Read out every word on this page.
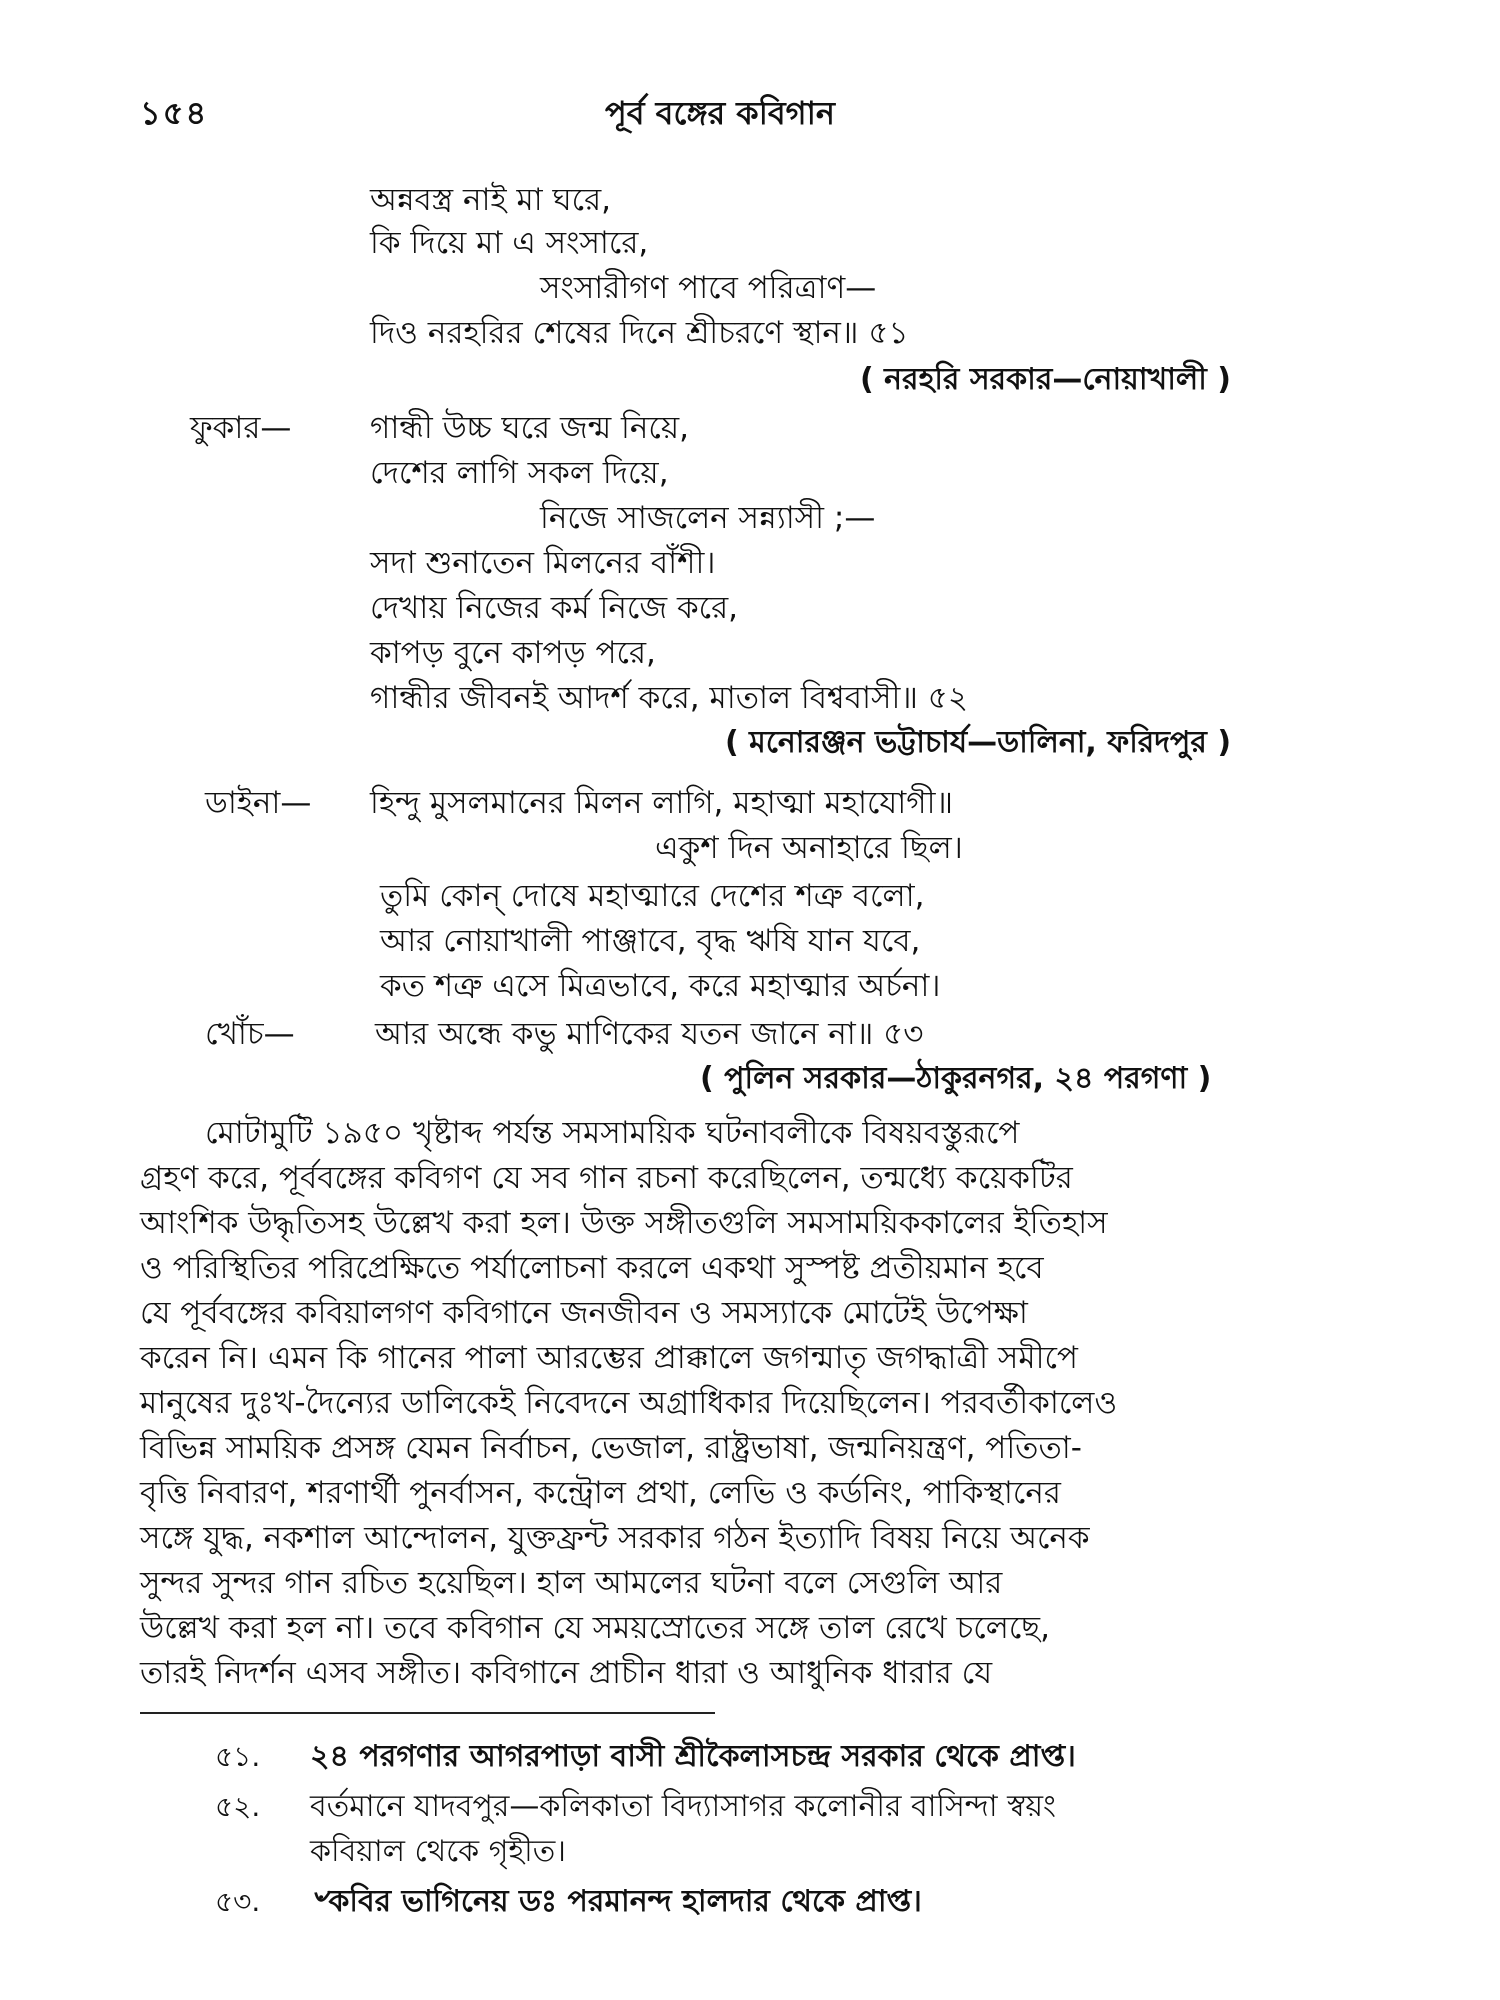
১৫৪	পূর্ব বঙ্গের কবিগান
অন্নবস্ত্র নাই মা ঘরে,
কি দিয়ে মা এ সংসারে,
সংসারীগণ পাবে পরিত্রাণ—
দিও নরহরির শেষের দিনে শ্রীচরণে স্থান॥ ৫১
( নরহরি সরকার—নোয়াখালী )
ফুকার—	গান্ধী উচ্চ ঘরে জন্ম নিয়ে,
দেশের লাগি সকল দিয়ে,
নিজে সাজলেন সন্ন্যাসী ;—
সদা শুনাতেন মিলনের বাঁশী।
দেখায় নিজের কর্ম নিজে করে,
কাপড় বুনে কাপড় পরে,
গান্ধীর জীবনই আদর্শ করে, মাতাল বিশ্ববাসী॥ ৫২
( মনোরঞ্জন ভট্টাচার্য—ডালিনা, ফরিদপুর )
ডাইনা— হিন্দু মুসলমানের মিলন লাগি, মহাত্মা মহাযোগী॥
একুশ দিন অনাহারে ছিল।
তুমি কোন্ দোষে মহাত্মারে দেশের শত্রু বলো,
আর নোয়াখালী পাঞ্জাবে, বৃদ্ধ ঋষি যান যবে,
কত শত্রু এসে মিত্রভাবে, করে মহাত্মার অর্চনা।
খোঁচ—	আর অন্ধে কভু মাণিকের যতন জানে না॥ ৫৩
( পুলিন সরকার—ঠাকুরনগর, ২৪ পরগণা )
মোটামুটি ১৯৫০ খৃষ্টাব্দ পর্যন্ত সমসাময়িক ঘটনাবলীকে বিষয়বস্তুরূপে
গ্রহণ করে, পূর্ববঙ্গের কবিগণ যে সব গান রচনা করেছিলেন, তন্মধ্যে কয়েকটির
আংশিক উদ্ধৃতিসহ উল্লেখ করা হল। উক্ত সঙ্গীতগুলি সমসাময়িককালের ইতিহাস
ও পরিস্থিতির পরিপ্রেক্ষিতে পর্যালোচনা করলে একথা সুস্পষ্ট প্রতীয়মান হবে
যে পূর্ববঙ্গের কবিয়ালগণ কবিগানে জনজীবন ও সমস্যাকে মোটেই উপেক্ষা
করেন নি। এমন কি গানের পালা আরম্ভের প্রাক্কালে জগন্মাতৃ জগদ্ধাত্রী সমীপে
মানুষের দুঃখ-দৈন্যের ডালিকেই নিবেদনে অগ্রাধিকার দিয়েছিলেন। পরবর্তীকালেও
বিভিন্ন সাময়িক প্রসঙ্গ যেমন নির্বাচন, ভেজাল, রাষ্ট্রভাষা, জন্মনিয়ন্ত্রণ, পতিতা-
বৃত্তি নিবারণ, শরণার্থী পুনর্বাসন, কন্ট্রোল প্রথা, লেভি ও কর্ডনিং, পাকিস্থানের
সঙ্গে যুদ্ধ, নকশাল আন্দোলন, যুক্তফ্রন্ট সরকার গঠন ইত্যাদি বিষয় নিয়ে অনেক
সুন্দর সুন্দর গান রচিত হয়েছিল। হাল আমলের ঘটনা বলে সেগুলি আর
উল্লেখ করা হল না। তবে কবিগান যে সময়স্রোতের সঙ্গে তাল রেখে চলেছে,
তারই নিদর্শন এসব সঙ্গীত। কবিগানে প্রাচীন ধারা ও আধুনিক ধারার যে
৫১. ২৪ পরগণার আগরপাড়া বাসী শ্রীকৈলাসচন্দ্র সরকার থেকে প্রাপ্ত।
৫২. বর্তমানে যাদবপুর—কলিকাতা বিদ্যাসাগর কলোনীর বাসিন্দা স্বয়ং
কবিয়াল থেকে গৃহীত।
৫৩. ৺কবির ভাগিনেয় ডঃ পরমানন্দ হালদার থেকে প্রাপ্ত।
